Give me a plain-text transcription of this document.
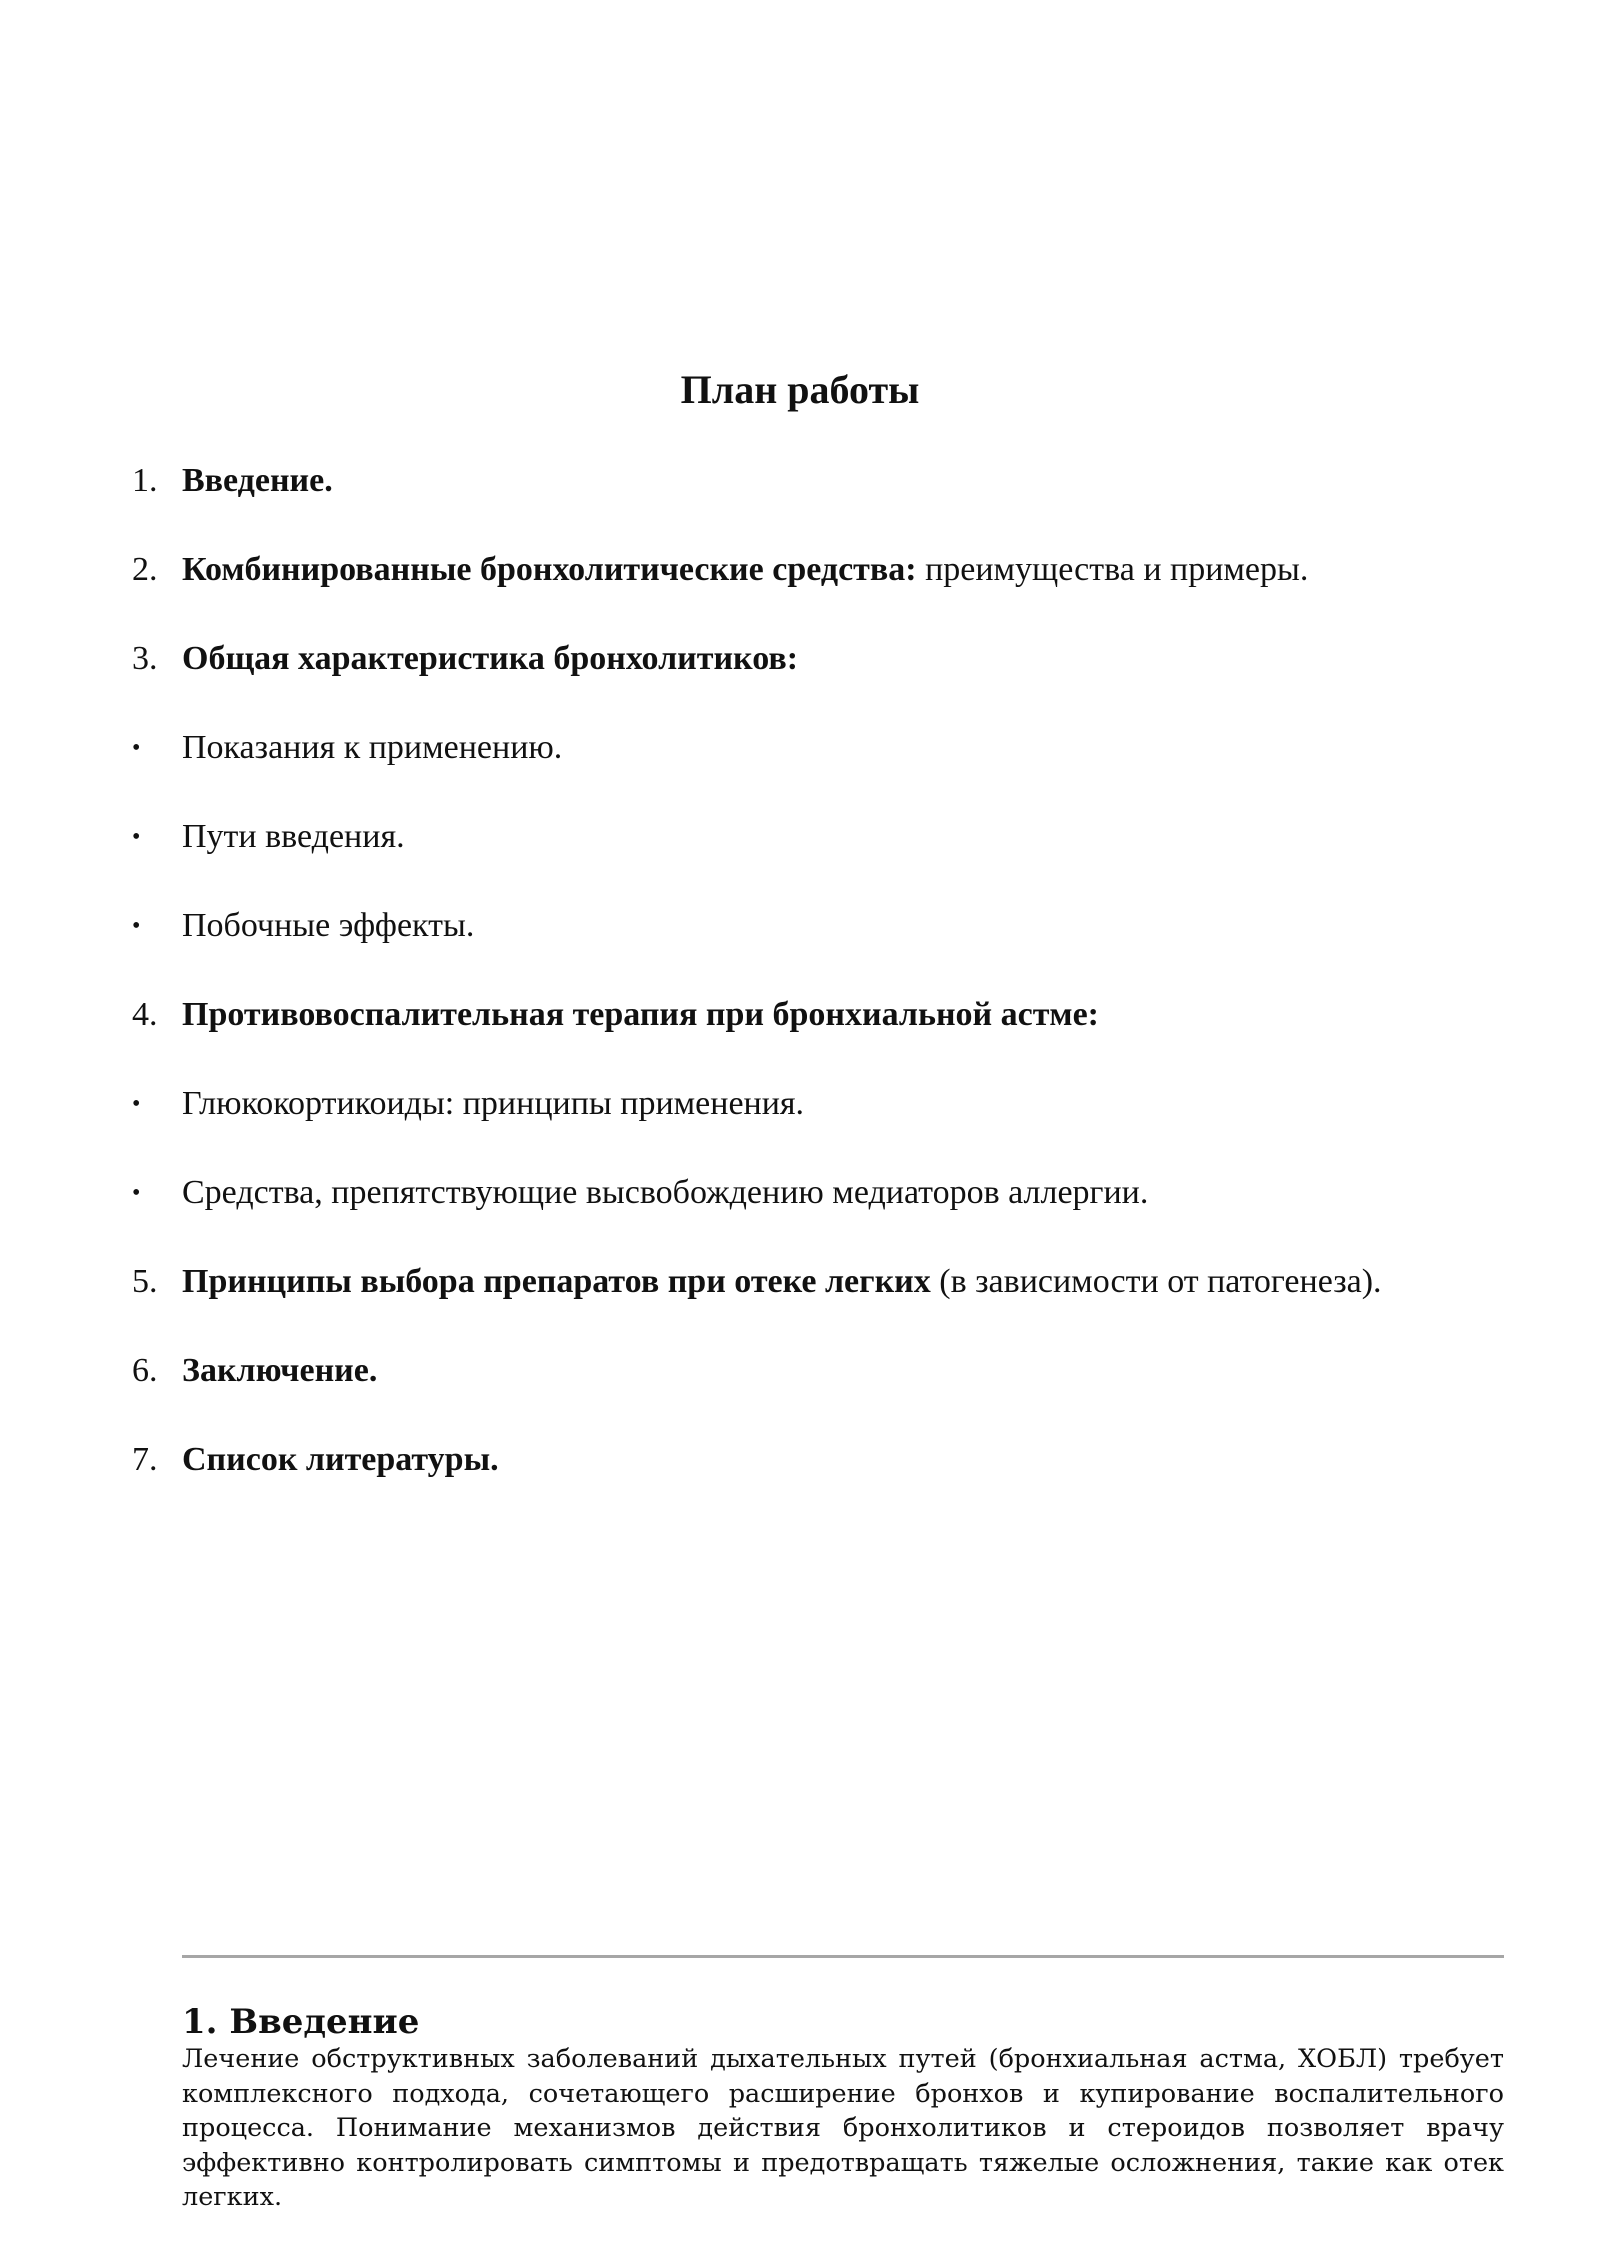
План работы
1. Введение.
2. Комбинированные бронхолитические средства: преимущества и примеры.
3. Общая характеристика бронхолитиков:
• Показания к применению.
• Пути введения.
• Побочные эффекты.
4. Противовоспалительная терапия при бронхиальной астме:
• Глюкокортикоиды: принципы применения.
• Средства, препятствующие высвобождению медиаторов аллергии.
5. Принципы выбора препаратов при отеке легких (в зависимости от патогенеза).
6. Заключение.
7. Список литературы.
1. Введение

Лечение обструктивных заболеваний дыхательных путей (бронхиальная астма, ХОБЛ) требует комплексного подхода, сочетающего расширение бронхов и купирование воспалительного процесса. Понимание механизмов действия бронхолитиков и стероидов позволяет врачу эффективно контролировать симптомы и предотвращать тяжелые осложнения, такие как отек легких.
